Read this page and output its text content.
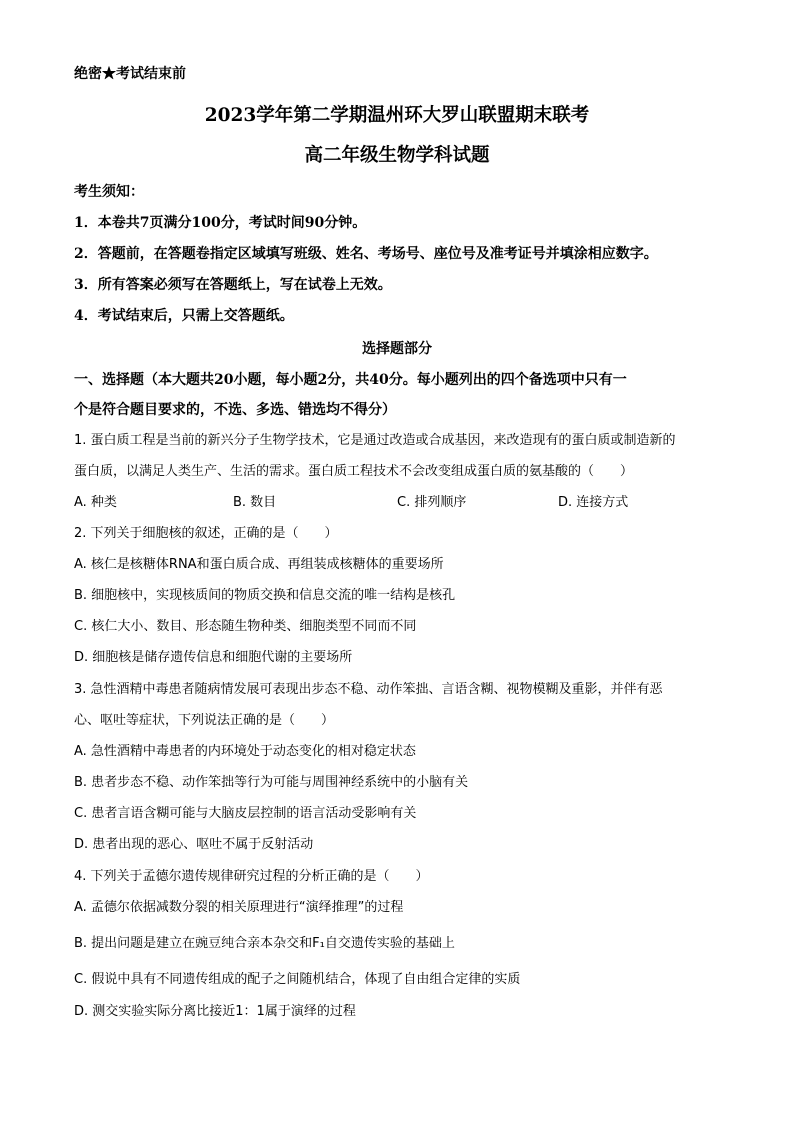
绝密★考试结束前
2023学年第二学期温州环大罗山联盟期末联考
高二年级生物学科试题
考生须知：
1．本卷共7页满分100分，考试时间90分钟。
2．答题前，在答题卷指定区域填写班级、姓名、考场号、座位号及准考证号并填涂相应数字。
3．所有答案必须写在答题纸上，写在试卷上无效。
4．考试结束后，只需上交答题纸。
选择题部分
一、选择题（本大题共20小题，每小题2分，共40分。每小题列出的四个备选项中只有一
个是符合题目要求的，不选、多选、错选均不得分）
1. 蛋白质工程是当前的新兴分子生物学技术，它是通过改造或合成基因，来改造现有的蛋白质或制造新的
蛋白质，以满足人类生产、生活的需求。蛋白质工程技术不会改变组成蛋白质的氨基酸的（　　）
A. 种类	B. 数目	C. 排列顺序	D. 连接方式
2. 下列关于细胞核的叙述，正确的是（　　）
A. 核仁是核糖体RNA和蛋白质合成、再组装成核糖体的重要场所
B. 细胞核中，实现核质间的物质交换和信息交流的唯一结构是核孔
C. 核仁大小、数目、形态随生物种类、细胞类型不同而不同
D. 细胞核是储存遗传信息和细胞代谢的主要场所
3. 急性酒精中毒患者随病情发展可表现出步态不稳、动作笨拙、言语含糊、视物模糊及重影，并伴有恶
心、呕吐等症状，下列说法正确的是（　　）
A. 急性酒精中毒患者的内环境处于动态变化的相对稳定状态
B. 患者步态不稳、动作笨拙等行为可能与周围神经系统中的小脑有关
C. 患者言语含糊可能与大脑皮层控制的语言活动受影响有关
D. 患者出现的恶心、呕吐不属于反射活动
4. 下列关于孟德尔遗传规律研究过程的分析正确的是（　　）
A. 孟德尔依据减数分裂的相关原理进行“演绎推理”的过程
B. 提出问题是建立在豌豆纯合亲本杂交和F₁自交遗传实验的基础上
C. 假说中具有不同遗传组成的配子之间随机结合，体现了自由组合定律的实质
D. 测交实验实际分离比接近1：1属于演绎的过程
